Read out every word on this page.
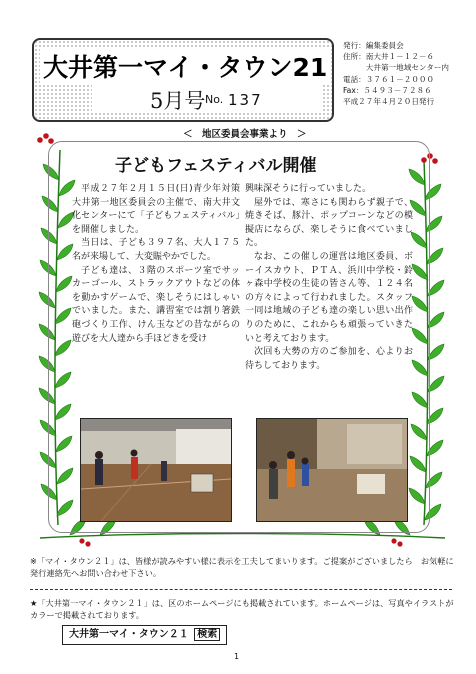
大井第一マイ・タウン21
5月号 No. 137
発行：編集委員会
住所：南大井１－１２－６
　　　大井第一地域センター内
電話：３７６１－２０００
Fax：５４９３－７２８６
平成２７年４月２０日発行
＜　地区委員会事業より　＞
子どもフェスティバル開催

平成２７年２月１５日(日)青少年対策大井第一地区委員会の主催で、南大井文化センターにて「子どもフェスティバル」を開催しました。

当日は、子ども３９７名、大人１７５名が来場して、大変賑やかでした。

子ども達は、３階のスポーツ室でサッカーゴール、ストラックアウトなどの体を動かすゲームで、楽しそうにはしゃいでいました。また、講習室では割り箸鉄砲づくり工作、けん玉などの昔ながらの遊びを大人達から手ほどきを受け

興味深そうに行っていました。

屋外では、寒さにも関わらず親子で、焼きそば、豚汁、ポップコーンなどの模擬店にならび、楽しそうに食べていました。

なお、この催しの運営は地区委員、ボーイスカウト、ＰＴＡ、浜川中学校・鈴ヶ森中学校の生徒の皆さん等、１２４名の方々によって行われました。スタッフ一同は地域の子ども達の楽しい思い出作りのために、これからも頑張っていきたいと考えております。

次回も大勢の方のご参加を、心よりお待ちしております。

※「マイ・タウン２１」は、皆様が読みやすい様に表示を工夫してまいります。ご提案がございましたら　お気軽に発行連絡先へお問い合わせ下さい。
★「大井第一マイ・タウン２１」は、区のホームページにも掲載されています。ホームページは、写真やイラストがカラーで掲載されております。
大井第一マイ・タウン２１ 検索
1
